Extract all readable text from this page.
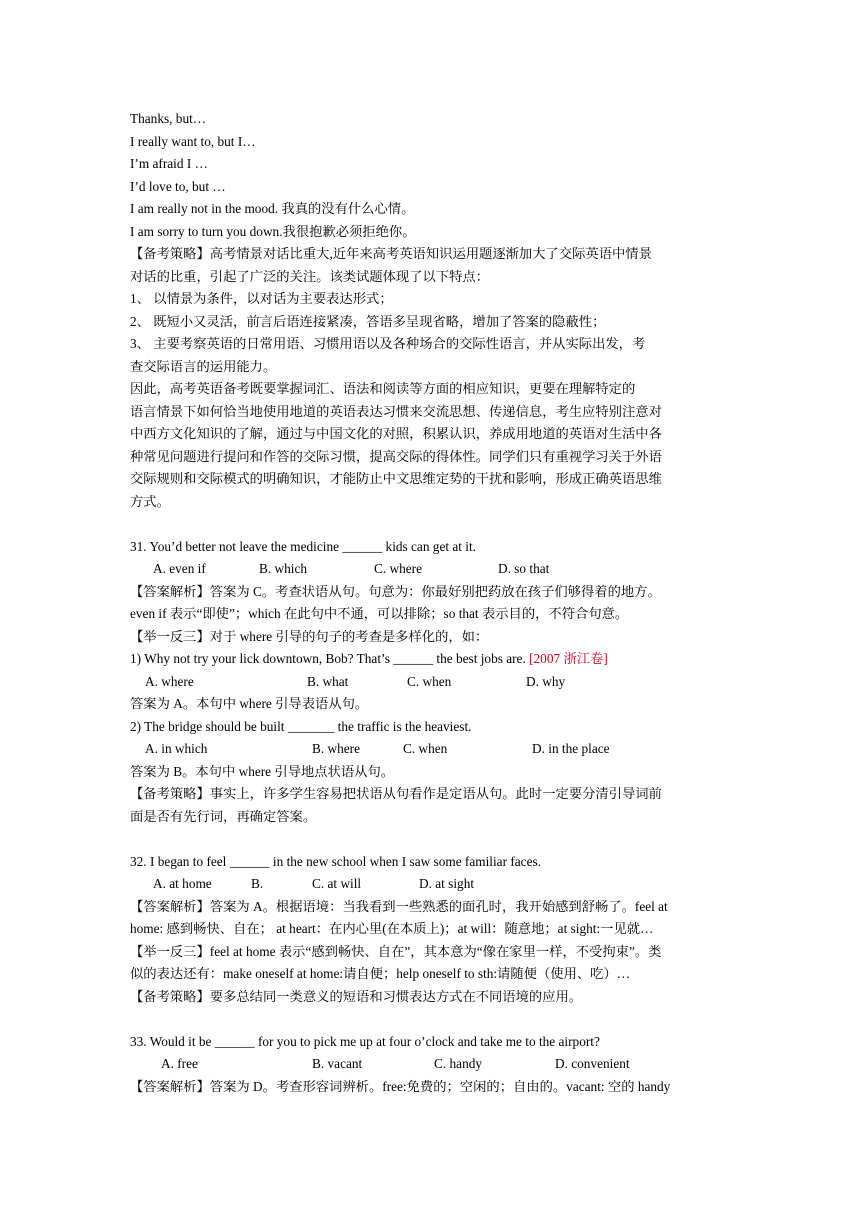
Thanks, but…
I really want to, but I…
I’m afraid I …
I’d love to, but …
I am really not in the mood. 我真的没有什么心情。
I am sorry to turn you down.我很抱歉必须拒绝你。
【备考策略】高考情景对话比重大,近年来高考英语知识运用题逐渐加大了交际英语中情景
对话的比重，引起了广泛的关注。该类试题体现了以下特点：
1、 以情景为条件，以对话为主要表达形式；
2、 既短小又灵活，前言后语连接紧凑，答语多呈现省略，增加了答案的隐蔽性；
3、 主要考察英语的日常用语、习惯用语以及各种场合的交际性语言，并从实际出发，考
查交际语言的运用能力。
因此，高考英语备考既要掌握词汇、语法和阅读等方面的相应知识，更要在理解特定的
语言情景下如何恰当地使用地道的英语表达习惯来交流思想、传递信息，考生应特别注意对
中西方文化知识的了解，通过与中国文化的对照，积累认识，养成用地道的英语对生活中各
种常见问题进行提问和作答的交际习惯，提高交际的得体性。同学们只有重视学习关于外语
交际规则和交际模式的明确知识，才能防止中文思维定势的干扰和影响，形成正确英语思维
方式。
31. You’d better not leave the medicine ______ kids can get at it.
A. even if	B. which	C. where	D. so that
【答案解析】答案为 C。考查状语从句。句意为：你最好别把药放在孩子们够得着的地方。
even if 表示“即使”；which 在此句中不通，可以排除；so that 表示目的，不符合句意。
【举一反三】对于 where 引导的句子的考查是多样化的，如：
1) Why not try your lick downtown, Bob? That’s ______ the best jobs are. [2007 浙江卷]
A. where	B. what	C. when	D. why
答案为 A。本句中 where 引导表语从句。
2) The bridge should be built _______ the traffic is the heaviest.
A. in which	B. where	C. when	D. in the place
答案为 B。本句中 where 引导地点状语从句。
【备考策略】事实上，许多学生容易把状语从句看作是定语从句。此时一定要分清引导词前
面是否有先行词，再确定答案。
32. I began to feel ______ in the new school when I saw some familiar faces.
A. at home	B.	C. at will	D. at sight
【答案解析】答案为 A。根据语境：当我看到一些熟悉的面孔时，我开始感到舒畅了。feel at
home: 感到畅快、自在； at heart：在内心里(在本质上)；at will：随意地；at sight:一见就…
【举一反三】feel at home 表示“感到畅快、自在”，其本意为“像在家里一样，不受拘束”。类
似的表达还有：make oneself at home:请自便；help oneself to sth:请随便（使用、吃）…
【备考策略】要多总结同一类意义的短语和习惯表达方式在不同语境的应用。
33. Would it be ______ for you to pick me up at four o’clock and take me to the airport?
A. free	B. vacant	C. handy	D. convenient
【答案解析】答案为 D。考查形容词辨析。free:免费的；空闲的；自由的。vacant: 空的 handy
